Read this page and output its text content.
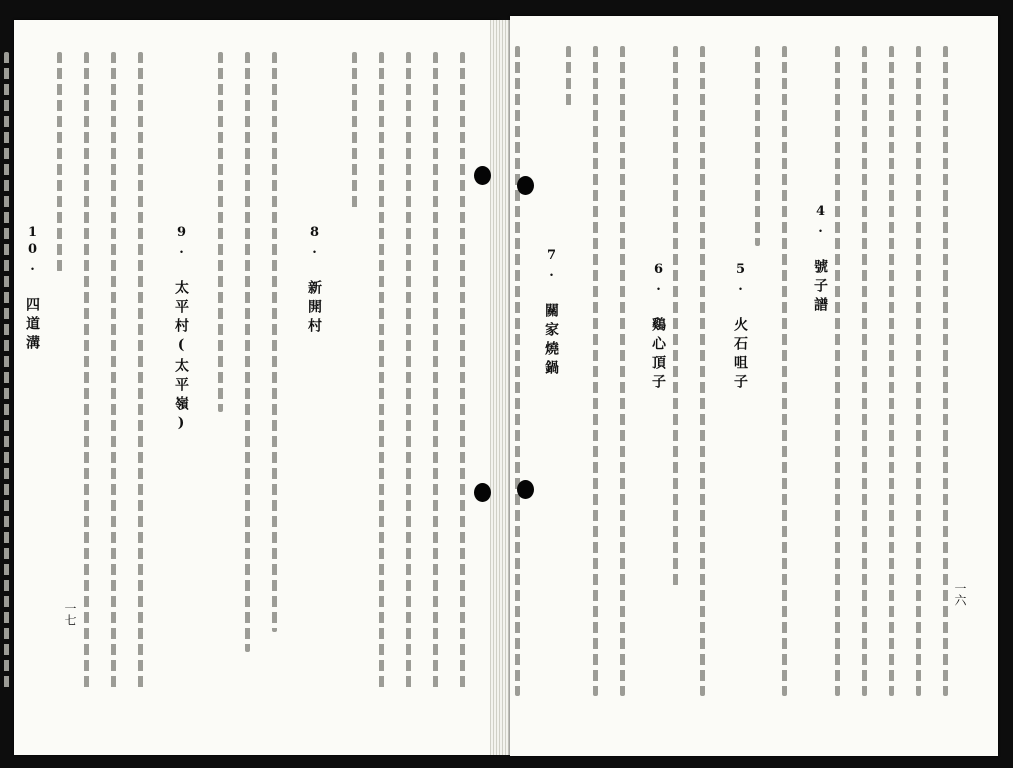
8. 新開村
9. 太平村(太平嶺)
10. 四道溝
一七
4. 號子譜
5. 火石咀子
6. 鷄心頂子
7. 關家燒鍋
一六
